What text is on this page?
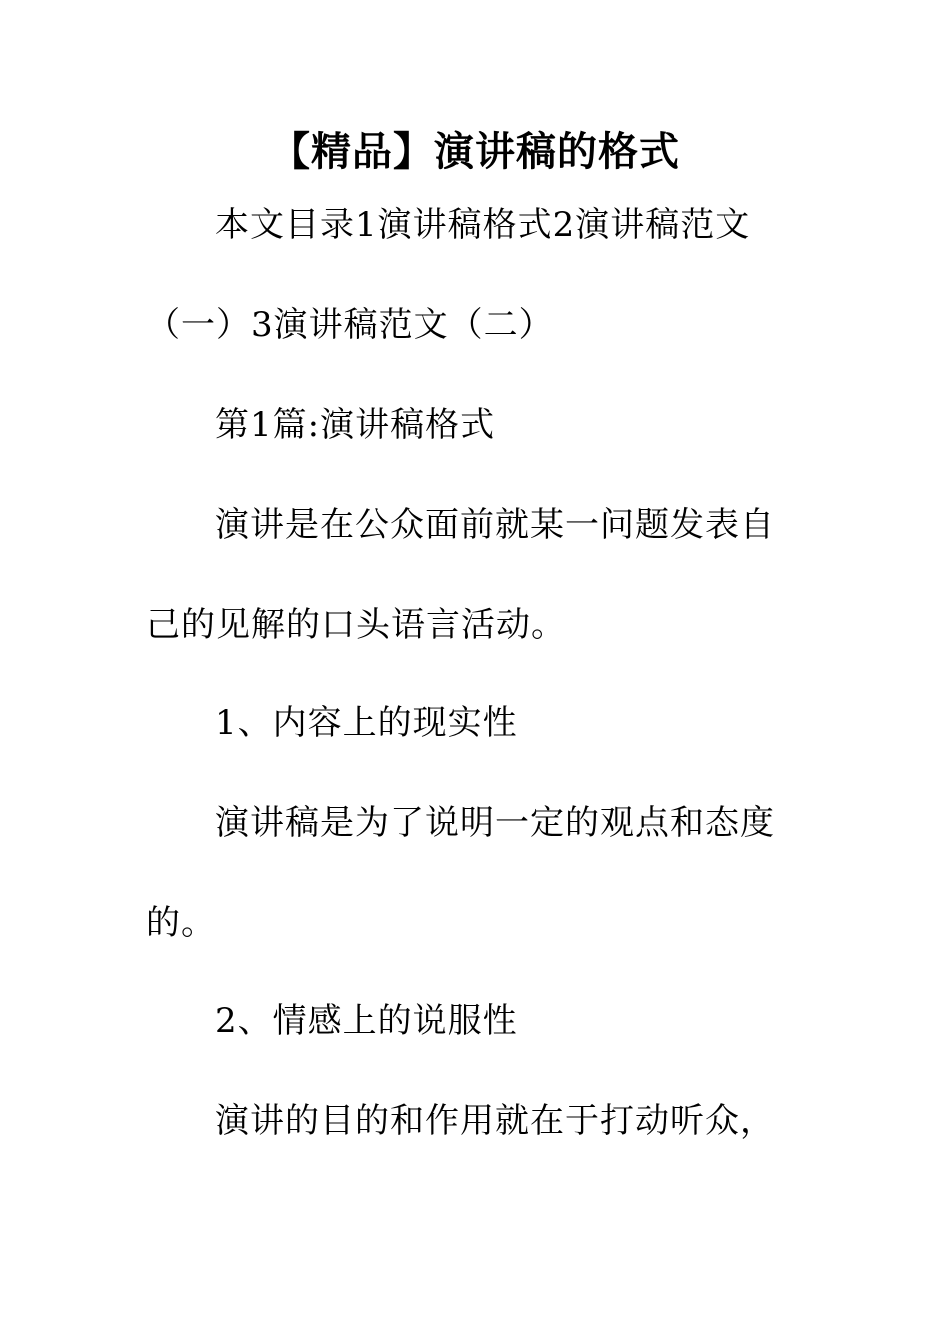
【精品】演讲稿的格式
本文目录1演讲稿格式2演讲稿范文
（一）3演讲稿范文（二）
第1篇:演讲稿格式
演讲是在公众面前就某一问题发表自
己的见解的口头语言活动。
1、内容上的现实性
演讲稿是为了说明一定的观点和态度
的。
2、情感上的说服性
演讲的目的和作用就在于打动听众，
